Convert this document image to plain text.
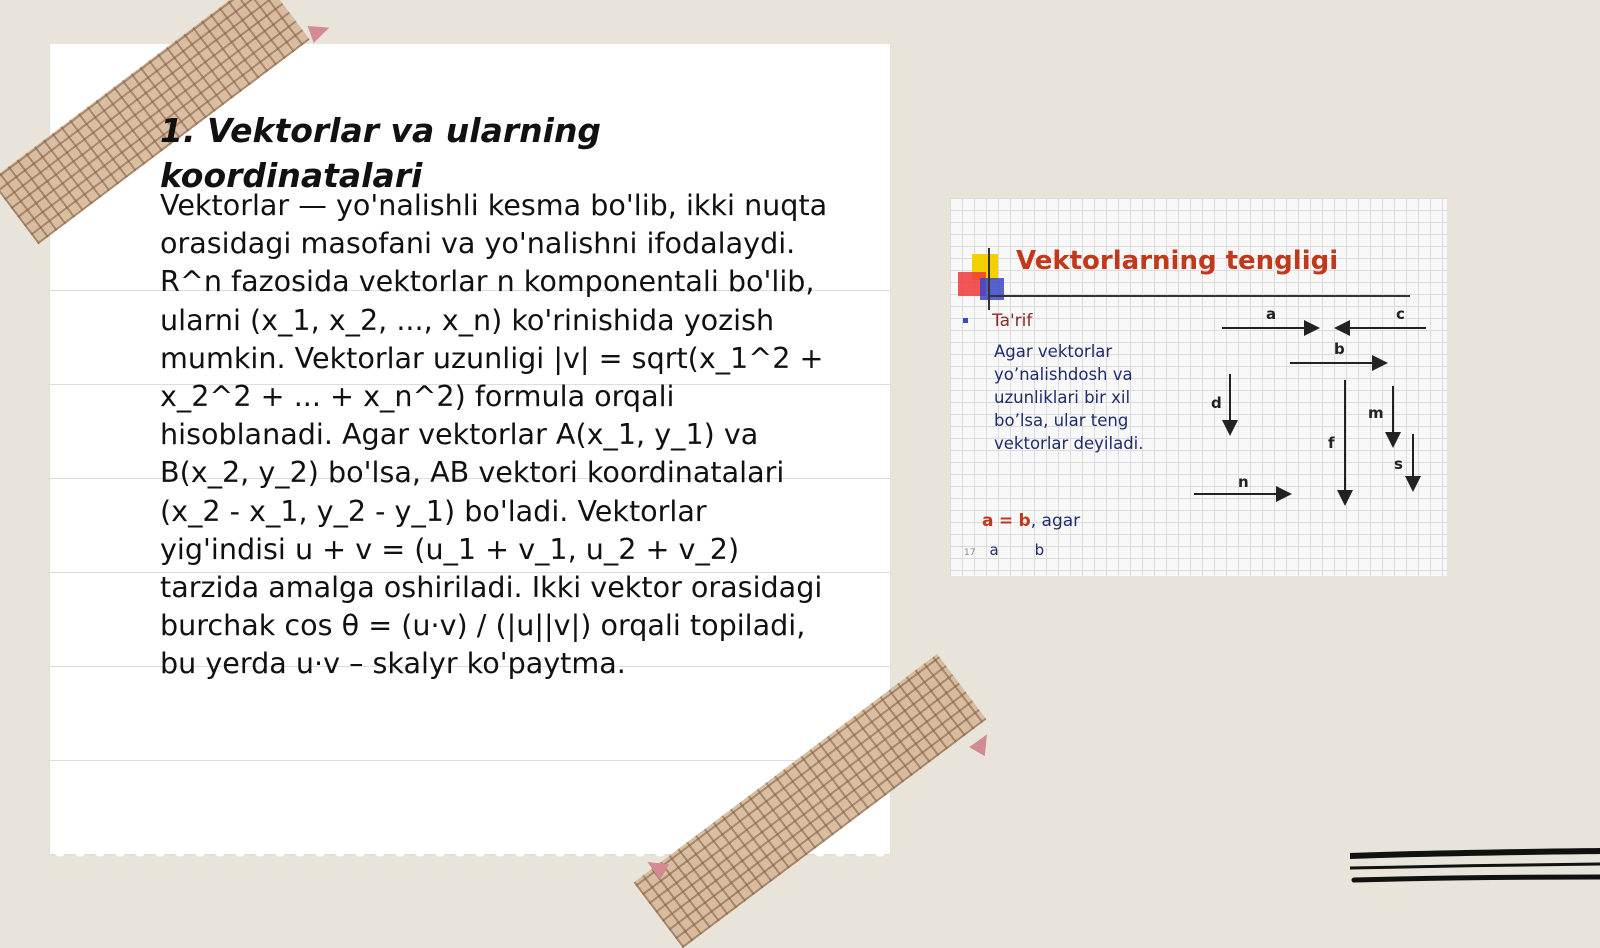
1. Vektorlar va ularning koordinatalari

Vektorlar — yo'nalishli kesma bo'lib, ikki nuqta orasidagi masofani va yo'nalishni ifodalaydi. R^n fazosida vektorlar n komponentali bo'lib, ularni (x_1, x_2, ..., x_n) ko'rinishida yozish mumkin. Vektorlar uzunligi |v| = sqrt(x_1^2 + x_2^2 + ... + x_n^2) formula orqali hisoblanadi. Agar vektorlar A(x_1, y_1) va B(x_2, y_2) bo'lsa, AB vektori koordinatalari (x_2 - x_1, y_2 - y_1) bo'ladi. Vektorlar yig'indisi u + v = (u_1 + v_1, u_2 + v_2) tarzida amalga oshiriladi. Ikki vektor orasidagi burchak cos θ = (u·v) / (|u||v|) orqali topiladi, bu yerda u·v – skalyr ko'paytma.

Vektorlarning tengligi
Ta'rif
Agar vektorlar yo’nalishdosh va uzunliklari bir xil bo’lsa, ular teng vektorlar deyiladi.
a = b, agar
17 a b
a	c
b
d
f
m
s
n
